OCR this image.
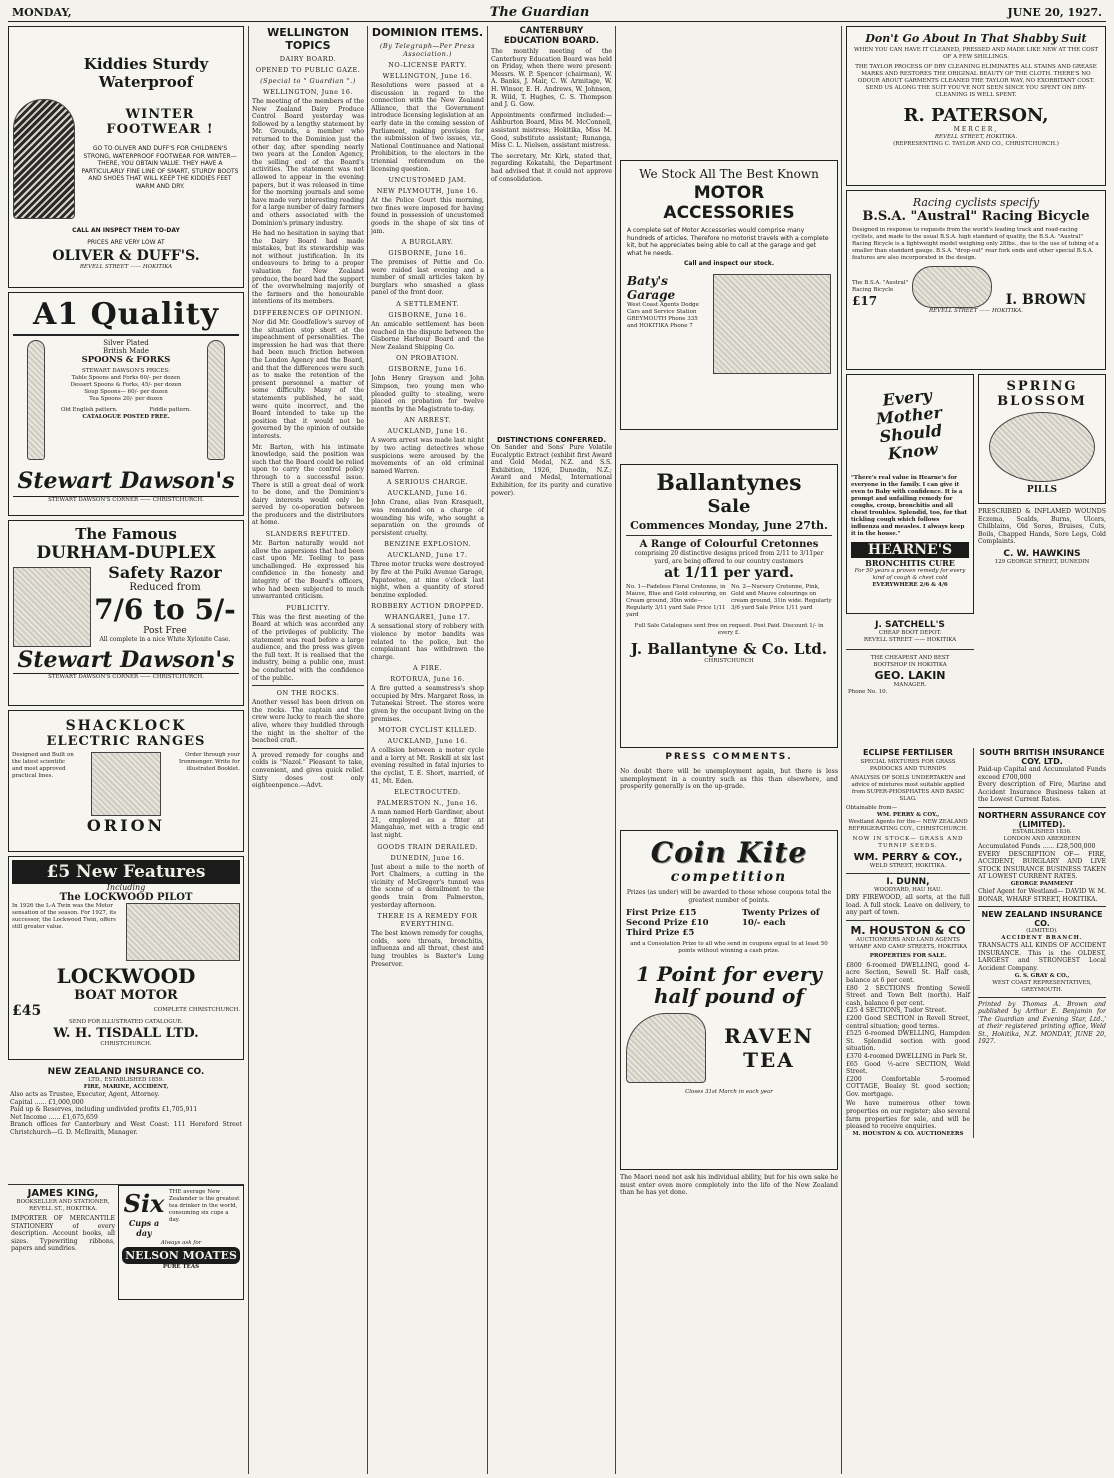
MONDAY,	The Guardian	JUNE 20, 1927.
Kiddies Sturdy Waterproof
WINTER FOOTWEAR !
GO TO OLIVER AND DUFF'S FOR CHILDREN'S STRONG, WATERPROOF FOOTWEAR FOR WINTER—THERE, YOU OBTAIN VALUE. THEY HAVE A PARTICULARLY FINE LINE OF SMART, STURDY BOOTS AND SHOES THAT WILL KEEP THE KIDDIES FEET WARM AND DRY.
CALL AN INSPECT THEM TO-DAY
PRICES ARE VERY LOW AT
OLIVER & DUFF'S.
REVELL STREET —— HOKITIKA
A1 Quality
Silver Plated
British Made
SPOONS & FORKS
STEWART DAWSON'S PRICES:
Table Spoons and Forks 60/- per dozen
Dessert Spoons & Forks, 45/- per dozen
Soup Spoons— 60/- per dozen
Tea Spoons 20/- per dozen
Old English pattern.	Fiddle pattern.
CATALOGUE POSTED FREE.
Stewart Dawson's
STEWART DAWSON'S CORNER —— CHRISTCHURCH.
The Famous
DURHAM-DUPLEX
Safety Razor
Reduced from
7/6 to 5/-
Post Free
All complete in a nice White Xylonite Case.
Stewart Dawson's
STEWART DAWSON'S CORNER —— CHRISTCHURCH.
SHACKLOCK
ELECTRIC RANGES
Designed and Built on the latest scientific and most approved practical lines.
Order through your Ironmonger. Write for illustrated Booklet.
ORION
£5 New Features
Including
The LOCKWOOD PILOT
In 1926 the L-A Twin was the Motor sensation of the season. For 1927, its successor, the Lockwood Twin, offers still greater value.
LOCKWOOD
BOAT MOTOR
£45	COMPLETE CHRISTCHURCH.
SEND FOR ILLUSTRATED CATALOGUE.
W. H. TISDALL LTD.
CHRISTCHURCH.
NEW ZEALAND INSURANCE CO.
LTD., ESTABLISHED 1859.
FIRE, MARINE, ACCIDENT,
Also acts as Trustee, Executor, Agent, Attorney.
Capital ...... £1,000,000
Paid up & Reserves, including undivided profits £1,705,911
Net Income ...... £1,675,659
Branch offices for Canterbury and West Coast: 111 Hereford Street Christchurch—G. D. McIlraith, Manager.
JAMES KING,
BOOKSELLER AND STATIONER,
REVELL ST., HOKITIKA.
IMPORTER OF MERCANTILE STATIONERY of every description. Account books, all sizes. Typewriting ribbons, papers and sundries.
Six
Cups a day
THE average New Zealander is the greatest tea drinker in the world, consuming six cups a day.
Always ask for
NELSON MOATES
PURE TEAS
WELLINGTON TOPICS
DAIRY BOARD.
OPENED TO PUBLIC GAZE.
(Special to " Guardian ".)
WELLINGTON, June 16.
The meeting of the members of the New Zealand Dairy Produce Control Board yesterday was followed by a lengthy statement by Mr. Grounds, a member who returned to the Dominion just the other day, after spending nearly two years at the London Agency, the selling end of the Board's activities. The statement was not allowed to appear in the evening papers, but it was released in time for the morning journals and some have made very interesting reading for a large number of dairy farmers and others associated with the Dominion's primary industry.
He had no hesitation in saying that the Dairy Board had made mistakes, but its stewardship was not without justification. In its endeavours to bring to a proper valuation for New Zealand produce, the board had the support of the overwhelming majority of the farmers and the honourable intentions of its members.
DIFFERENCES OF OPINION.
Nor did Mr. Goodfellow's survey of the situation stop short at the impeachment of personalities. The impression he had was that there had been much friction between the London Agency and the Board, and that the differences were such as to make the retention of the present personnel a matter of some difficulty. Many of the statements published, he said, were quite incorrect, and the Board intended to take up the position that it would not be governed by the opinion of outside interests.
Mr. Barton, with his intimate knowledge, said the position was such that the Board could be relied upon to carry the control policy through to a successful issue. There is still a great deal of work to be done, and the Dominion's dairy interests would only be served by co-operation between the producers and the distributors at home.
SLANDERS REFUTED.
Mr. Barton naturally would not allow the aspersions that had been cast upon Mr. Teeling to pass unchallenged. He expressed his confidence in the honesty and integrity of the Board's officers, who had been subjected to much unwarranted criticism.
PUBLICITY.
This was the first meeting of the Board at which was accorded any of the privileges of publicity. The statement was read before a large audience, and the press was given the full text. It is realised that the industry, being a public one, must be conducted with the confidence of the public.
ON THE ROCKS.
Another vessel has been driven on the rocks. The captain and the crew were lucky to reach the shore alive, where they huddled through the night in the shelter of the beached craft.
A proved remedy for coughs and colds is "Nazol." Pleasant to take, convenient, and gives quick relief. Sixty doses cost only eighteenpence.—Advt.
DOMINION ITEMS.
(By Telegraph—Per Press Association.)
NO-LICENSE PARTY.
WELLINGTON, June 16.
Resolutions were passed at a discussion in regard to the connection with the New Zealand Alliance, that the Government introduce licensing legislation at an early date in the coming session of Parliament, making provision for the submission of two issues, viz., National Continuance and National Prohibition, to the electors in the triennial referendum on the licensing question.
UNCUSTOMED JAM.
NEW PLYMOUTH, June 16.
At the Police Court this morning, two fines were imposed for having found in possession of uncustomed goods in the shape of six tins of jam.
A BURGLARY.
GISBORNE, June 16.
The premises of Pettie and Co. were raided last evening and a number of small articles taken by burglars who smashed a glass panel of the front door.
A SETTLEMENT.
GISBORNE, June 16.
An amicable settlement has been reached in the dispute between the Gisborne Harbour Board and the New Zealand Shipping Co.
ON PROBATION.
GISBORNE, June 16.
John Henry Grayson and John Simpson, two young men who pleaded guilty to stealing, were placed on probation for twelve months by the Magistrate to-day.
AN ARREST.
AUCKLAND, June 16.
A sworn arrest was made last night by two acting detectives whose suspicions were aroused by the movements of an old criminal named Warren.
A SERIOUS CHARGE.
AUCKLAND, June 16.
John Crane, alias Ivan Krasquelt, was remanded on a charge of wounding his wife, who sought a separation on the grounds of persistent cruelty.
BENZINE EXPLOSION.
AUCKLAND, June 17.
Three motor trucks were destroyed by fire at the Puiki Avenue Garage, Papatoetoe, at nine o'clock last night, when a quantity of stored benzine exploded.
ROBBERY ACTION DROPPED.
WHANGAREI, June 17.
A sensational story of robbery with violence by motor bandits was related to the police, but the complainant has withdrawn the charge.
A FIRE.
ROTORUA, June 16.
A fire gutted a seamstress's shop occupied by Mrs. Margaret Ross, in Tutanekai Street. The stores were given by the occupant living on the premises.
MOTOR CYCLIST KILLED.
AUCKLAND, June 16.
A collision between a motor cycle and a lorry at Mt. Roskill at six last evening resulted in fatal injuries to the cyclist, T. E. Short, married, of 41, Mt. Eden.
ELECTROCUTED.
PALMERSTON N., June 16.
A man named Herb Gardiner, about 21, employed as a fitter at Mangahao, met with a tragic end last night.
GOODS TRAIN DERAILED.
DUNEDIN, June 16.
Just about a mile to the north of Port Chalmers, a cutting in the vicinity of McGregor's tunnel was the scene of a derailment to the goods train from Palmerston, yesterday afternoon.
THERE IS A REMEDY FOR EVERYTHING.
The best known remedy for coughs, colds, sore throats, bronchitis, influenza and all throat, chest and lung troubles is Baxter's Lung Preserver.
CANTERBURY EDUCATION BOARD.
The monthly meeting of the Canterbury Education Board was held on Friday, when there were present: Messrs. W. P. Spencer (chairman), W. A. Banks, J. Mair, C. W. Armitage, W. H. Winsor, E. H. Andrews, W. Johnson, R. Wild, T. Hughes, C. S. Thompson and J. G. Gow.
Appointments confirmed included:—Ashburton Board, Miss M. McConnell, assistant mistress; Hokitika, Miss M. Good, substitute assistant; Runanga, Miss C. L. Nielsen, assistant mistress.
The secretary, Mr. Kirk, stated that, regarding Kokatahi, the Department had advised that it could not approve of consolidation.	We Stock All The Best Known
MOTOR ACCESSORIES
A complete set of Motor Accessories would comprise many hundreds of articles. Therefore no motorist travels with a complete kit, but he appreciates being able to call at the garage and get what he needs.
Call and inspect our stock.
Baty's Garage
West Coast Agents Dodge Cars and Service Station GREYMOUTH Phone 335 and HOKITIKA Phone 7
DISTINCTIONS CONFERRED.
On Sander and Sons' Pure Volatile Eucalyptic Extract (exhibit first Award and Gold Medal, N.Z. and S.S. Exhibition, 1926, Dunedin, N.Z.; Award and Medal, International Exhibition, for its purity and curative power).	Ballantynes
Sale
Commences Monday, June 27th.
A Range of Colourful Cretonnes
comprising 20 distinctive designs priced from 2/11 to 3/11per yard, are being offered to our country customers
at 1/11 per yard.
No. 1—Fadeless Floral Cretonne, in Mauve, Blue and Gold colouring, on Cream ground, 30in wide—Regularly 3/11 yard Sale Price 1/11 yard
No. 2—Nursery Cretonne, Pink, Gold and Mauve colourings on cream ground, 31in wide. Regularly 3/6 yard Sale Price 1/11 yard
Full Sale Catalogues sent free on request. Post Paid. Discount 1/- in every £.
J. Ballantyne & Co. Ltd.
CHRISTCHURCH
PRESS COMMENTS.
No doubt there will be unemployment again, but there is less unemployment in a country such as this than elsewhere, and prosperity generally is on the up-grade.
Coin Kite
competition
Prizes (as under) will be awarded to those whose coupons total the greatest number of points.
First Prize £15
Second Prize £10
Third Prize £5
Twenty Prizes of 10/- each
and a Consolation Prize to all who send in coupons equal to at least 50 points without winning a cash prize.
1 Point for every half pound of
RAVEN TEA
Closes 31st March in each year
The Maori need not ask his individual ability, but for his own sake he must enter even more completely into the life of the New Zealand than he has yet done.
Don't Go About In That Shabby Suit
WHEN YOU CAN HAVE IT CLEANED, PRESSED AND MADE LIKE NEW AT THE COST OF A FEW SHILLINGS.
THE TAYLOR PROCESS OF DRY CLEANING ELIMINATES ALL STAINS AND GREASE MARKS AND RESTORES THE ORIGINAL BEAUTY OF THE CLOTH. THERE'S NO ODOUR ABOUT GARMENTS CLEANED THE TAYLOR WAY, NO EXORBITANT COST. SEND US ALONG THE SUIT YOU'VE NOT SEEN SINCE YOU SPENT ON DRY-CLEANING IS WELL SPENT.
R. PATERSON,
MERCER,
REVELL STREET, HOKITIKA.
(REPRESENTING C. TAYLOR AND CO., CHRISTCHURCH.)
Racing cyclists specify
B.S.A. "Austral" Racing Bicycle
Designed in response to requests from the world's leading track and road-racing cyclists, and made to the usual B.S.A. high standard of quality, the B.S.A. "Austral" Racing Bicycle is a lightweight model weighing only 28lbs., due to the use of tubing of a smaller than standard gauge. B.S.A. "drop-out" rear fork ends and other special B.S.A. features are also incorporated in the design.
The B.S.A. "Austral" Racing Bicycle
£17	I. BROWN
REVELL STREET —— HOKITIKA.
Every Mother Should Know
"There's real value in Hearne's for everyone in the family. I can give it even to Baby with confidence. It is a prompt and unfailing remedy for coughs, croup, bronchitis and all chest troubles. Splendid, too, for that tickling cough which follows influenza and measles. I always keep it in the house."
HEARNE'S
BRONCHITIS CURE
For 50 years a proven remedy for every kind of cough & chest cold
EVERYWHERE 2/6 & 4/6
J. SATCHELL'S
CHEAP BOOT DEPOT.
REVELL STREET —— HOKITIKA
THE CHEAPEST AND BEST
BOOTSHOP IN HOKITIKA
GEO. LAKIN
MANAGER.
Phone No. 10.
SPRING BLOSSOM
PILLS
PRESCRIBED & INFLAMED WOUNDS Eczema, Scalds, Burns, Ulcers, Chilblains, Old Sores, Bruises, Cuts, Boils, Chapped Hands, Sore Legs, Cold Complaints.
C. W. HAWKINS
129 GEORGE STREET, DUNEDIN
ECLIPSE FERTILISER
SPECIAL MIXTURES FOR GRASS PADDOCKS AND TURNIPS
ANALYSIS OF SOILS UNDERTAKEN and advice of mixtures most suitable applied from SUPER-PHOSPHATES AND BASIC SLAG.
Obtainable from—
WM. PERRY & COY.,
Westland Agents for the— NEW ZEALAND REFRIGERATING COY., CHRISTCHURCH.
NOW IN STOCK— GRASS AND TURNIP SEEDS.
WM. PERRY & COY.,
WELD STREET, HOKITIKA.
I. DUNN,
WOODYARD, HAU HAU.
DRY FIREWOOD, all sorts, at the full load. A full stock. Leave on delivery, to any part of town.
M. HOUSTON & CO
AUCTIONEERS AND LAND AGENTS
WHARF AND CAMP STREETS, HOKITIKA
PROPERTIES FOR SALE.
£800 6-roomed DWELLING, good 4-acre Section, Sewell St. Half cash, balance at 6 per cent.
£80 2 SECTIONS fronting Sewell Street and Town Belt (north). Half cash, balance 6 per cent.
£25 4 SECTIONS, Tudor Street.
£200 Good SECTION in Revell Street, central situation; good terms.
£525 6-roomed DWELLING, Hampden St. Splendid section with good situation.
£370 4-roomed DWELLING in Park St.
£65 Good ½-acre SECTION, Weld Street.
£200 Comfortable 5-roomed COTTAGE, Bealey St. good section; Gov. mortgage.
We have numerous other town properties on our register; also several farm properties for sale, and will be pleased to receive enquiries.
M. HOUSTON & CO. AUCTIONEERS
SOUTH BRITISH INSURANCE COY. LTD.
Paid-up Capital and Accumulated Funds exceed £700,000
Every description of Fire, Marine and Accident Insurance Business taken at the Lowest Current Rates.
NORTHERN ASSURANCE COY (LIMITED).
ESTABLISHED 1836.
LONDON AND ABERDEEN
Accumulated Funds ...... £28,500,000
EVERY DESCRIPTION OF— FIRE, ACCIDENT, BURGLARY AND LIVE STOCK INSURANCE BUSINESS TAKEN AT LOWEST CURRENT RATES.
GEORGE PAMMENT
Chief Agent for Westland— DAVID W. M. BONAR, WHARF STREET, HOKITIKA.
NEW ZEALAND INSURANCE CO.
(LIMITED).
ACCIDENT BRANCH.
TRANSACTS ALL KINDS OF ACCIDENT INSURANCE. This is the OLDEST, LARGEST and STRONGEST Local Accident Company.
G. S. GRAY & CO.,
WEST COAST REPRESENTATIVES, GREYMOUTH.
Printed by Thomas A. Brown and published by Arthur E. Benjamin for 'The Guardian and Evening Star, Ltd.,' at their registered printing office, Weld St., Hokitika, N.Z. MONDAY, JUNE 20, 1927.
